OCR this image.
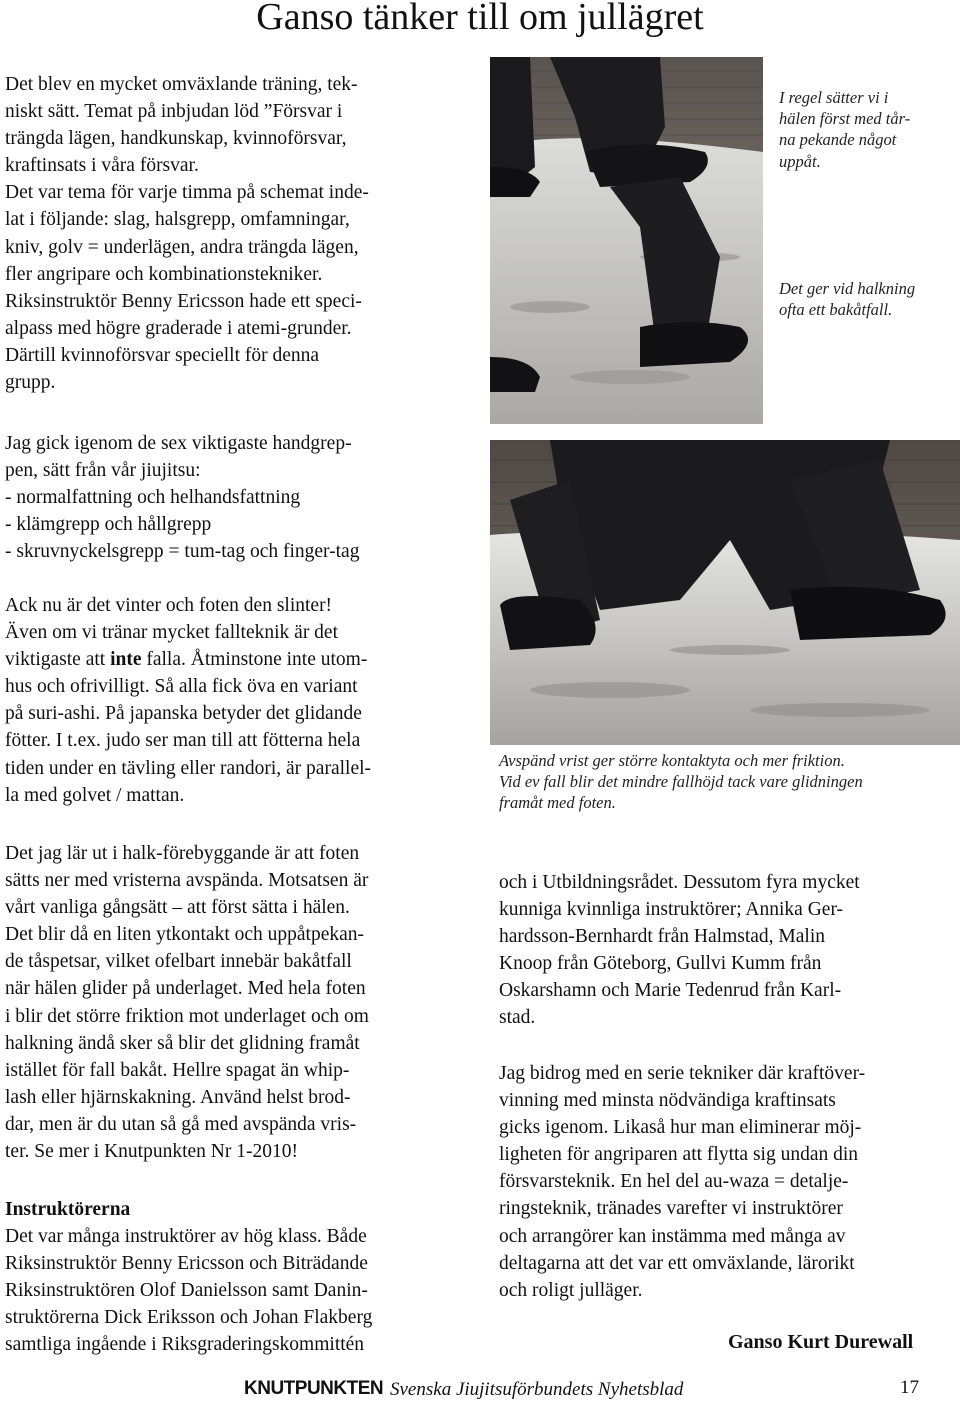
Ganso tänker till om jullägret

Det blev en mycket omväxlande träning, tek-
niskt sätt. Temat på inbjudan löd ”Försvar i
trängda lägen, handkunskap, kvinnoförsvar,
kraftinsats i våra försvar.
Det var tema för varje timma på schemat inde-
lat i följande: slag, halsgrepp, omfamningar,
kniv, golv = underlägen, andra trängda lägen,
fler angripare och kombinationstekniker.
Riksinstruktör Benny Ericsson hade ett speci-
alpass med högre graderade i atemi-grunder.
Därtill kvinnoförsvar speciellt för denna
grupp.

Jag gick igenom de sex viktigaste handgrep-
pen, sätt från vår jiujitsu:
- normalfattning och helhandsfattning
- klämgrepp och hållgrepp
- skruvnyckelsgrepp = tum-tag och finger-tag

Ack nu är det vinter och foten den slinter!
Även om vi tränar mycket fallteknik är det
viktigaste att inte falla. Åtminstone inte utom-
hus och ofrivilligt. Så alla fick öva en variant
på suri-ashi. På japanska betyder det glidande
fötter. I t.ex. judo ser man till att fötterna hela
tiden under en tävling eller randori, är parallel-
la med golvet / mattan.

Det jag lär ut i halk-förebyggande är att foten
sätts ner med vristerna avspända. Motsatsen är
vårt vanliga gångsätt – att först sätta i hälen.
Det blir då en liten ytkontakt och uppåtpekan-
de tåspetsar, vilket ofelbart innebär bakåtfall
när hälen glider på underlaget. Med hela foten
i blir det större friktion mot underlaget och om
halkning ändå sker så blir det glidning framåt
istället för fall bakåt. Hellre spagat än whip-
lash eller hjärnskakning. Använd helst brod-
dar, men är du utan så gå med avspända vris-
ter. Se mer i Knutpunkten Nr 1-2010!

Instruktörerna
Det var många instruktörer av hög klass. Både
Riksinstruktör Benny Ericsson och Biträdande
Riksinstruktören Olof Danielsson samt Danin-
struktörerna Dick Eriksson och Johan Flakberg
samtliga ingående i Riksgraderingskommittén

I regel sätter vi i
hälen först med tår-
na pekande något
uppåt.
Det ger vid halkning
ofta ett bakåtfall.
Avspänd vrist ger större kontaktyta och mer friktion.
Vid ev fall blir det mindre fallhöjd tack vare glidningen
framåt med foten.

och i Utbildningsrådet. Dessutom fyra mycket
kunniga kvinnliga instruktörer; Annika Ger-
hardsson-Bernhardt från Halmstad, Malin
Knoop från Göteborg, Gullvi Kumm från
Oskarshamn och Marie Tedenrud från Karl-
stad.

Jag bidrog med en serie tekniker där kraftöver-
vinning med minsta nödvändiga kraftinsats
gicks igenom. Likaså hur man eliminerar möj-
ligheten för angriparen att flytta sig undan din
försvarsteknik. En hel del au-waza = detalje-
ringsteknik, tränades varefter vi instruktörer
och arrangörer kan instämma med många av
deltagarna att det var ett omväxlande, lärorikt
och roligt julläger.

Ganso Kurt Durewall
KNUTPUNKTEN Svenska Jiujitsuförbundets Nyhetsblad	17
